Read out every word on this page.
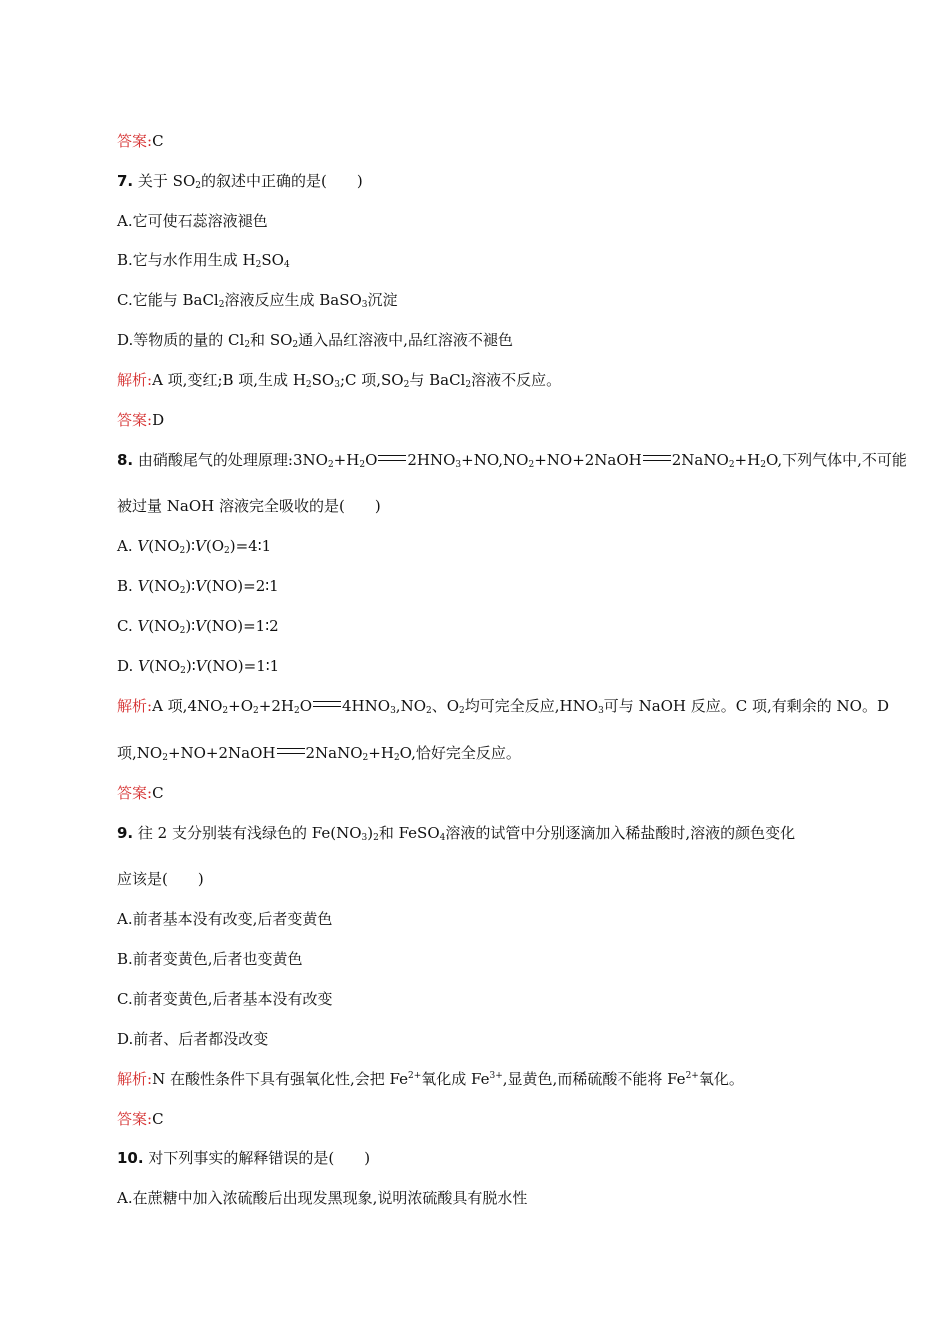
答案:C
7. 关于 $SO_2$的叙述中正确的是( )
A.它可使石蕊溶液褪色
B.它与水作用生成 $H_2SO_4$
C.它能与 BaCl$_2$溶液反应生成 BaSO$_3$沉淀
D.等物质的量的 $Cl_2$和 $SO_2$通入品红溶液中,品红溶液不褪色
解析:A 项,变红;B 项,生成 $H_2SO_3;C$ 项$,SO_2$与 BaCl$_2$溶液不反应。
答案:D
8. 由硝酸尾气的处理原理$:3NO_2+H_2O$ $2HNO_3+NO,NO_2+NO+2NaOH$ $2NaNO_2+H_2O$,下列气体中,不可能
被过量 NaOH 溶液完全吸收的是( )
A. $V(NO_2)∶V(O_2)=4∶1$
B. $V(NO_2)∶V(NO)=2∶1$
C. $V(NO_2)∶V(NO)=1∶2$
D. $V(NO_2)∶V(NO)=1∶1$
解析:A 项$,4NO_2+O_2+2H_2O$ $4HNO_3,NO_2$、$O_2$均可完全反应$,HNO_3$可与 NaOH 反应。C 项,有剩余的 NO。D
项$,NO_2+NO+2NaOH$ $2NaNO_2+H_2O$,恰好完全反应。
答案:C
9. 往 2 支分别装有浅绿色的 $Fe(NO_3)_2$和 FeSO$_4$溶液的试管中分别逐滴加入稀盐酸时,溶液的颜色变化
应该是( )
A.前者基本没有改变,后者变黄色
B.前者变黄色,后者也变黄色
C.前者变黄色,后者基本没有改变
D.前者、后者都没改变
解析:N 在酸性条件下具有强氧化性,会把 $Fe^{2+}$氧化成 $Fe^{3+}$,显黄色,而稀硫酸不能将 $Fe^{2+}$氧化。
答案:C
10. 对下列事实的解释错误的是( )
A.在蔗糖中加入浓硫酸后出现发黑现象,说明浓硫酸具有脱水性
